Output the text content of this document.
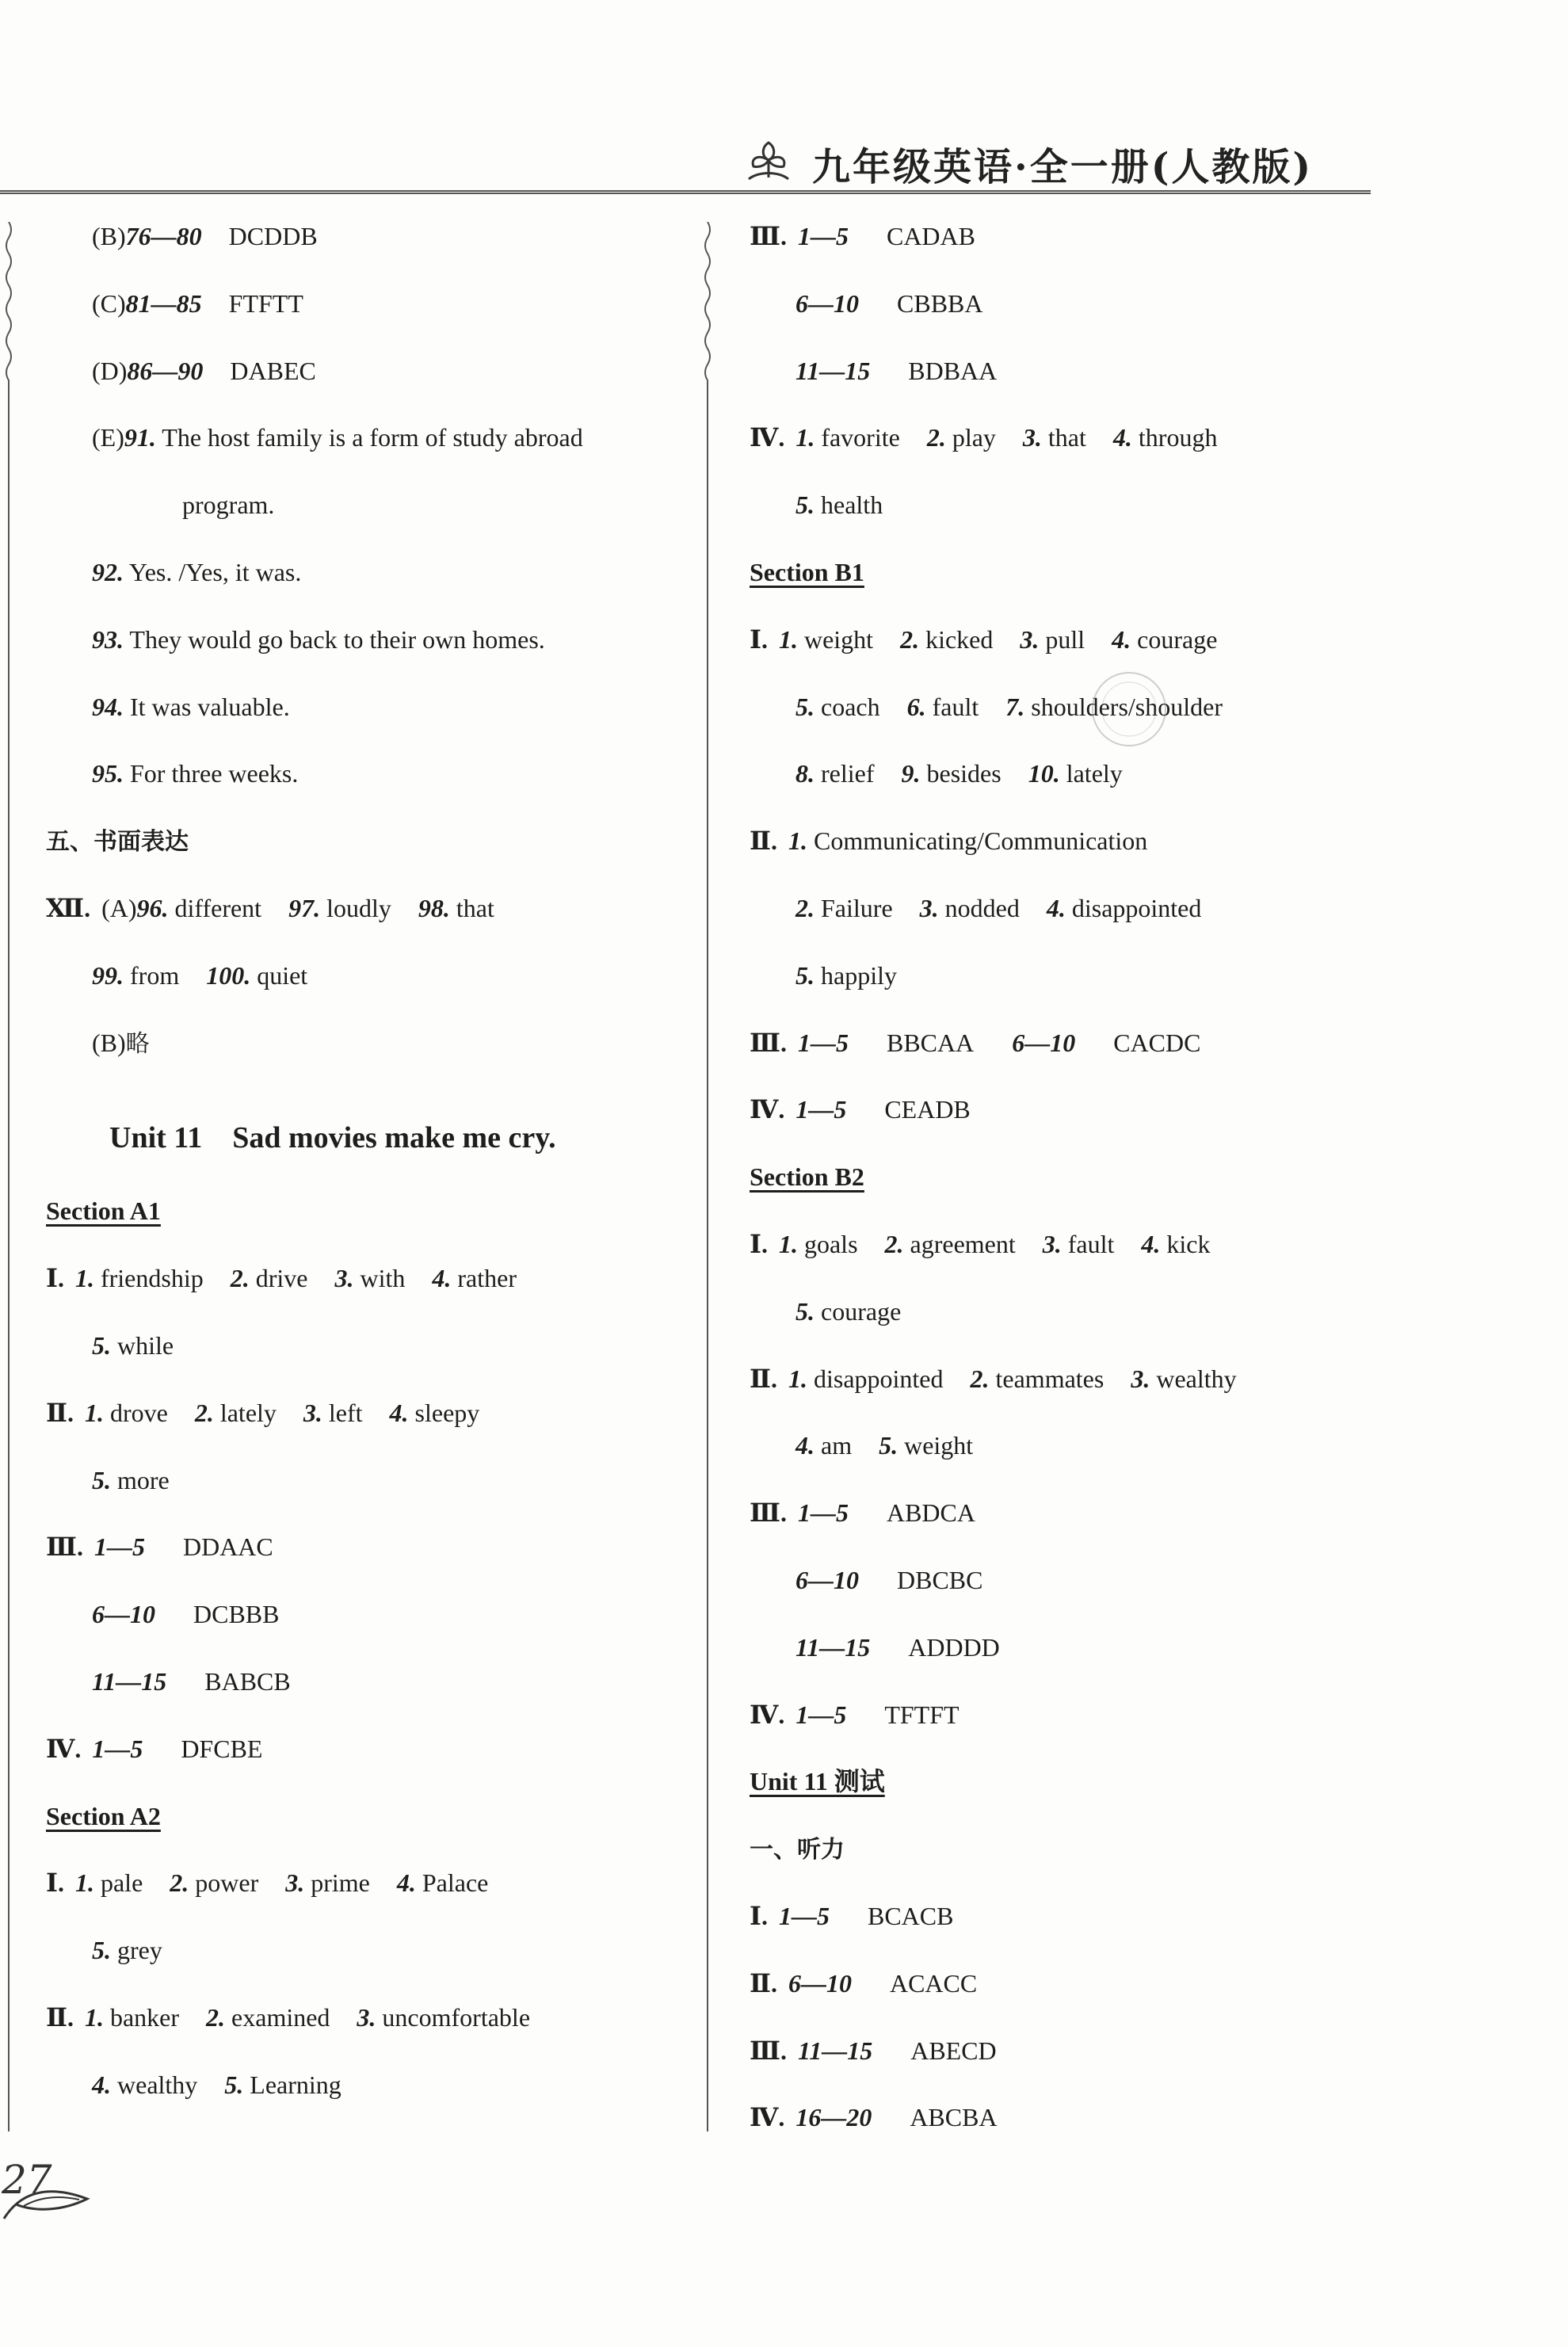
九年级英语·全一册(人教版)
(B)76—80 DCDDB
(C)81—85 FTFTT
(D)86—90 DABEC
(E)91. The host family is a form of study abroad
program.
92. Yes. /Yes, it was.
93. They would go back to their own homes.
94. It was valuable.
95. For three weeks.
五、书面表达
Ⅻ. (A)96. different 97. loudly 98. that
99. from 100. quiet
(B)略
Unit 11    Sad movies make me cry.
Section A1
Ⅰ. 1. friendship 2. drive 3. with 4. rather
5. while
Ⅱ. 1. drove 2. lately 3. left 4. sleepy
5. more
Ⅲ. 1—5 DDAAC
6—10 DCBBB
11—15 BABCB
Ⅳ. 1—5 DFCBE
Section A2
Ⅰ. 1. pale 2. power 3. prime 4. Palace
5. grey
Ⅱ. 1. banker 2. examined 3. uncomfortable
4. wealthy 5. Learning
Ⅲ. 1—5 CADAB
6—10 CBBBA
11—15 BDBAA
Ⅳ. 1. favorite 2. play 3. that 4. through
5. health
Section B1
Ⅰ. 1. weight 2. kicked 3. pull 4. courage
5. coach 6. fault 7. shoulders/shoulder
8. relief 9. besides 10. lately
Ⅱ. 1. Communicating/Communication
2. Failure 3. nodded 4. disappointed
5. happily
Ⅲ. 1—5 BBCAA 6—10 CACDC
Ⅳ. 1—5 CEADB
Section B2
Ⅰ. 1. goals 2. agreement 3. fault 4. kick
5. courage
Ⅱ. 1. disappointed 2. teammates 3. wealthy
4. am 5. weight
Ⅲ. 1—5 ABDCA
6—10 DBCBC
11—15 ADDDD
Ⅳ. 1—5 TFTFT
Unit 11 测试
一、听力
Ⅰ. 1—5 BCACB
Ⅱ. 6—10 ACACC
Ⅲ. 11—15 ABECD
Ⅳ. 16—20 ABCBA
27
